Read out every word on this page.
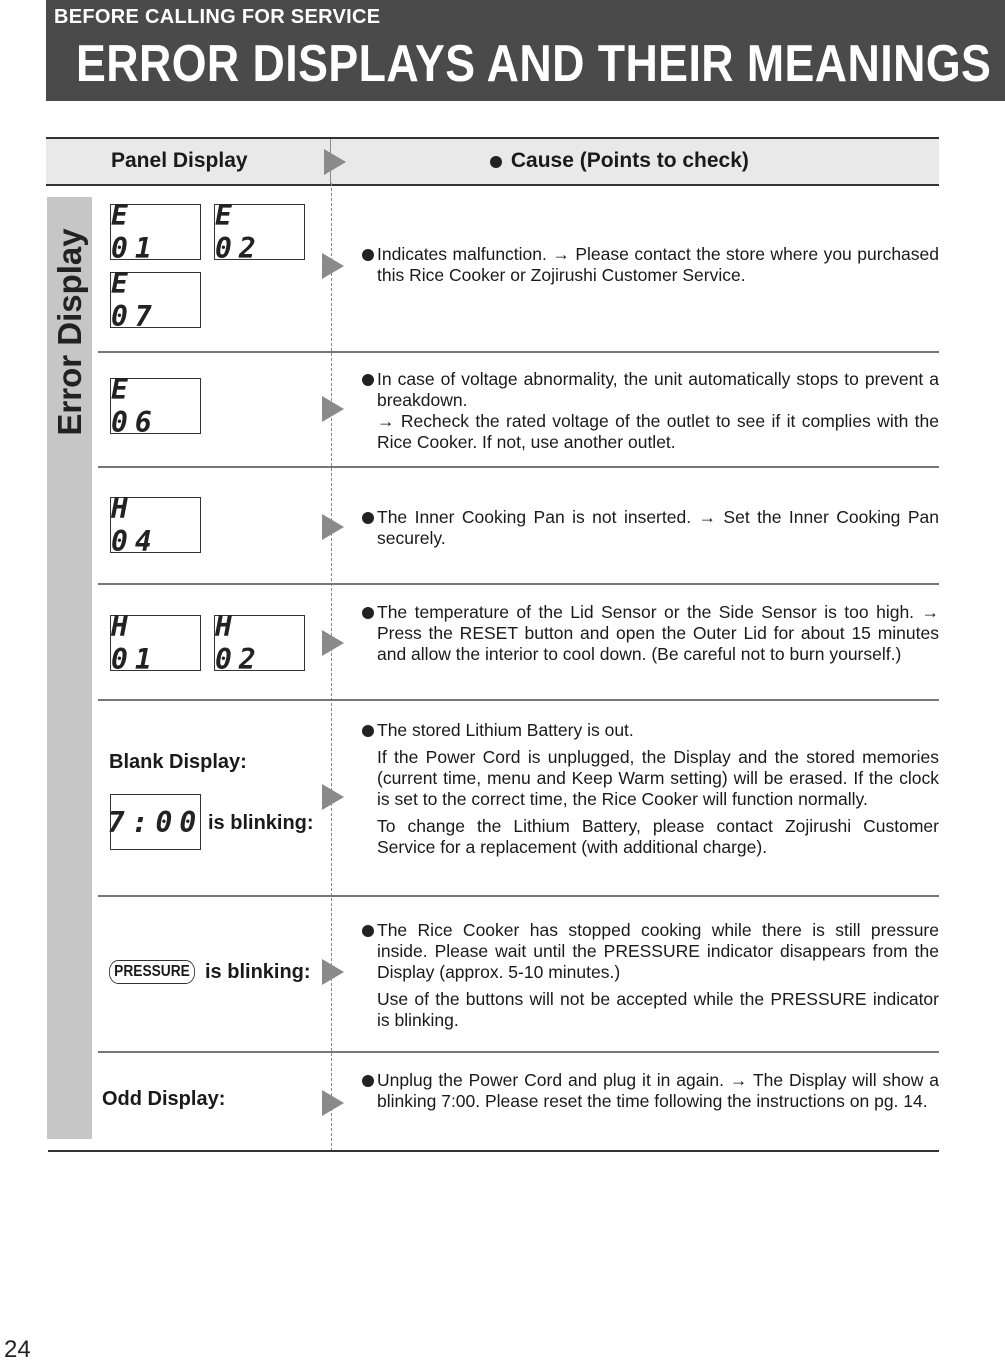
BEFORE CALLING FOR SERVICE
ERROR DISPLAYS AND THEIR MEANINGS
Panel Display	Cause (Points to check)
Error Display
E 01
E 02
E 07

Indicates malfunction. → Please contact the store where you purchased this Rice Cooker or Zojirushi Customer Service.

E 06

In case of voltage abnormality, the unit automatically stops to prevent a breakdown.

→ Recheck the rated voltage of the outlet to see if it complies with the Rice Cooker. If not, use another outlet.

H 04

The Inner Cooking Pan is not inserted. → Set the Inner Cooking Pan securely.

H 01
H 02

The temperature of the Lid Sensor or the Side Sensor is too high. → Press the RESET button and open the Outer Lid for about 15 minutes and allow the interior to cool down. (Be careful not to burn yourself.)

Blank Display:
7:00 is blinking:

The stored Lithium Battery is out.

If the Power Cord is unplugged, the Display and the stored memories (current time, menu and Keep Warm setting) will be erased. If the clock is set to the correct time, the Rice Cooker will function normally.

To change the Lithium Battery, please contact Zojirushi Customer Service for a replacement (with additional charge).

PRESSURE is blinking:

The Rice Cooker has stopped cooking while there is still pressure inside. Please wait until the PRESSURE indicator disappears from the Display (approx. 5-10 minutes.)

Use of the buttons will not be accepted while the PRESSURE indicator is blinking.

Odd Display:

Unplug the Power Cord and plug it in again. → The Display will show a blinking 7:00. Please reset the time following the instructions on pg. 14.

24
